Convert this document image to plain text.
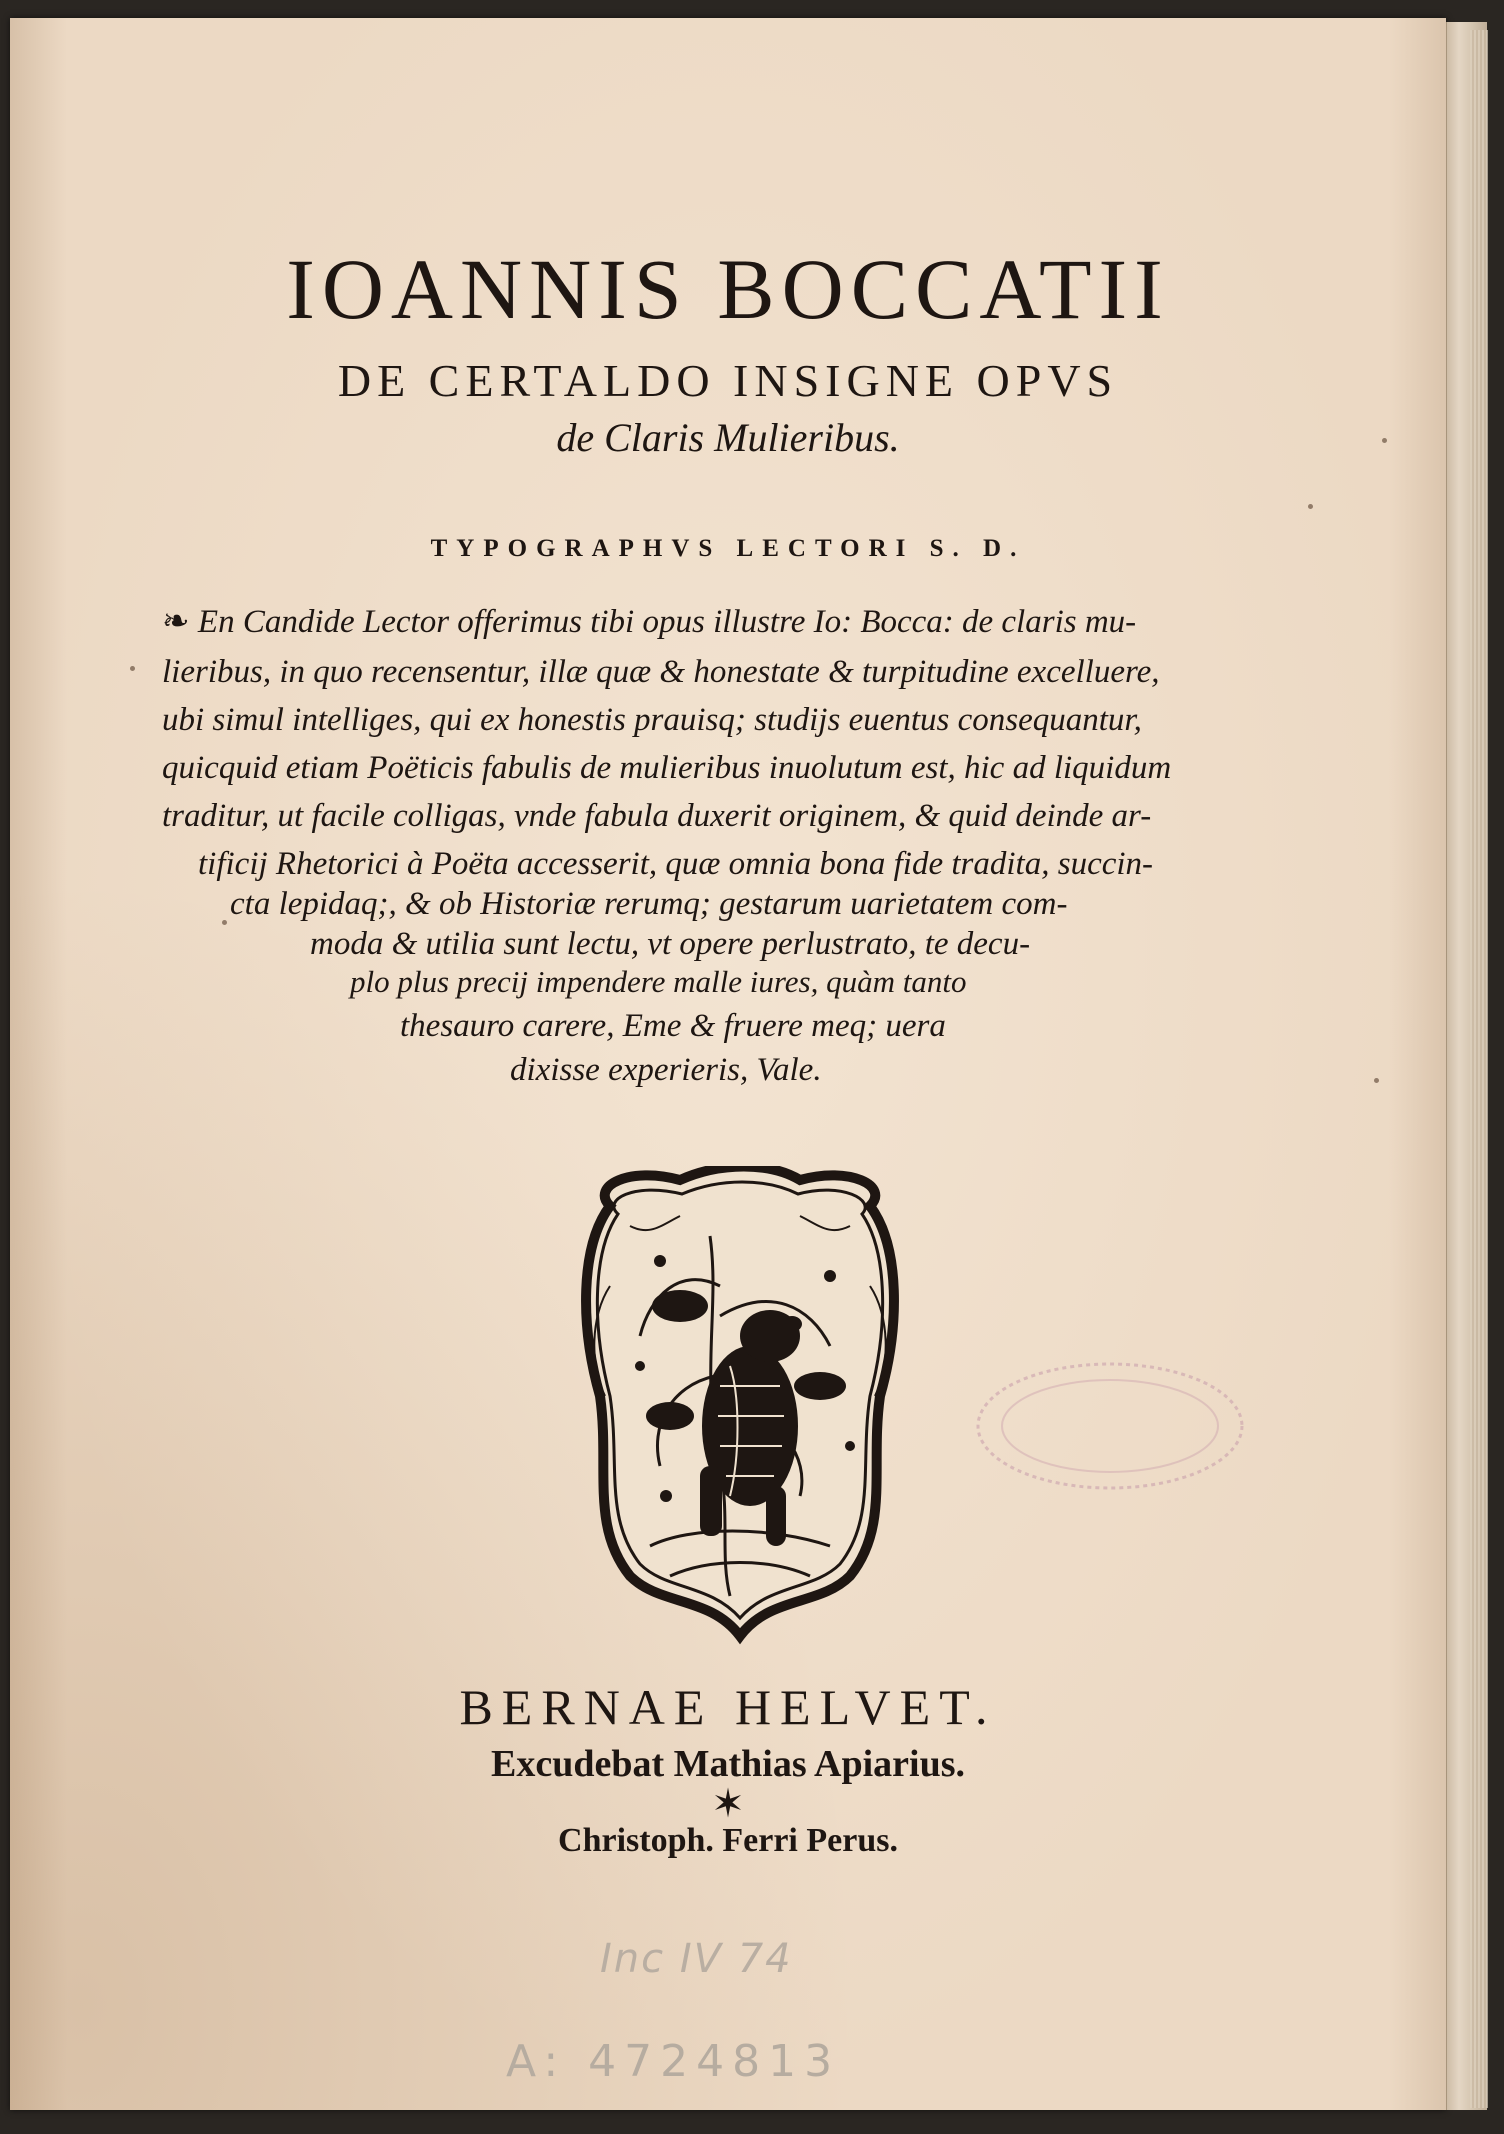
IOANNIS BOCCATII
DE CERTALDO INSIGNE OPVS
de Claris Mulieribus.
TYPOGRAPHVS LECTORI S. D.
❧ En Candide Lector offerimus tibi opus illustre Io: Bocca: de claris mu-
lieribus, in quo recensentur, illæ quæ & honestate & turpitudine excelluere,
ubi simul intelliges, qui ex honestis prauisq; studijs euentus consequantur,
quicquid etiam Poëticis fabulis de mulieribus inuolutum est, hic ad liquidum
traditur, ut facile colligas, vnde fabula duxerit originem, & quid deinde ar-
tificij Rhetorici à Poëta accesserit, quæ omnia bona fide tradita, succin-
cta lepidaq;, & ob Historiæ rerumq; gestarum uarietatem com-
moda & utilia sunt lectu, vt opere perlustrato, te decu-
plo plus precij impendere malle iures, quàm tanto
thesauro carere, Eme & fruere meq; uera
dixisse experieris, Vale.
BERNAE HELVET.
Excudebat Mathias Apiarius.
✶
Christoph. Ferri Perus.
Inc IV 74
A: 4724813
